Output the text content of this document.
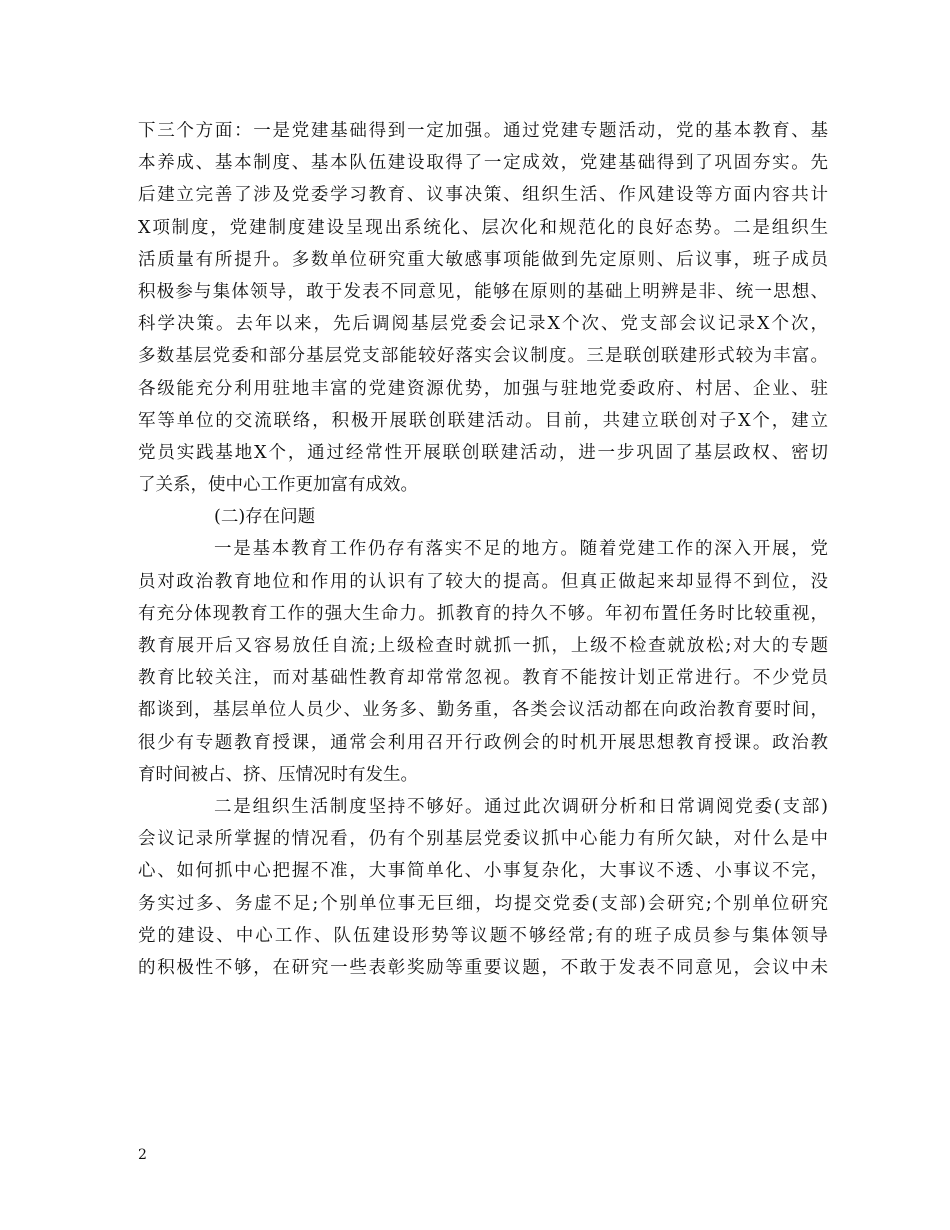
下三个方面：一是党建基础得到一定加强。通过党建专题活动，党的基本教育、基
本养成、基本制度、基本队伍建设取得了一定成效，党建基础得到了巩固夯实。先
后建立完善了涉及党委学习教育、议事决策、组织生活、作风建设等方面内容共计
X项制度，党建制度建设呈现出系统化、层次化和规范化的良好态势。二是组织生
活质量有所提升。多数单位研究重大敏感事项能做到先定原则、后议事，班子成员
积极参与集体领导，敢于发表不同意见，能够在原则的基础上明辨是非、统一思想、
科学决策。去年以来，先后调阅基层党委会记录X个次、党支部会议记录X个次，
多数基层党委和部分基层党支部能较好落实会议制度。三是联创联建形式较为丰富。
各级能充分利用驻地丰富的党建资源优势，加强与驻地党委政府、村居、企业、驻
军等单位的交流联络，积极开展联创联建活动。目前，共建立联创对子X个，建立
党员实践基地X个，通过经常性开展联创联建活动，进一步巩固了基层政权、密切
了关系，使中心工作更加富有成效。
(二)存在问题
一是基本教育工作仍存有落实不足的地方。随着党建工作的深入开展，党
员对政治教育地位和作用的认识有了较大的提高。但真正做起来却显得不到位，没
有充分体现教育工作的强大生命力。抓教育的持久不够。年初布置任务时比较重视，
教育展开后又容易放任自流;上级检查时就抓一抓，上级不检查就放松;对大的专题
教育比较关注，而对基础性教育却常常忽视。教育不能按计划正常进行。不少党员
都谈到，基层单位人员少、业务多、勤务重，各类会议活动都在向政治教育要时间，
很少有专题教育授课，通常会利用召开行政例会的时机开展思想教育授课。政治教
育时间被占、挤、压情况时有发生。
二是组织生活制度坚持不够好。通过此次调研分析和日常调阅党委(支部)
会议记录所掌握的情况看，仍有个别基层党委议抓中心能力有所欠缺，对什么是中
心、如何抓中心把握不准，大事简单化、小事复杂化，大事议不透、小事议不完，
务实过多、务虚不足;个别单位事无巨细，均提交党委(支部)会研究;个别单位研究
党的建设、中心工作、队伍建设形势等议题不够经常;有的班子成员参与集体领导
的积极性不够，在研究一些表彰奖励等重要议题，不敢于发表不同意见，会议中未
2
